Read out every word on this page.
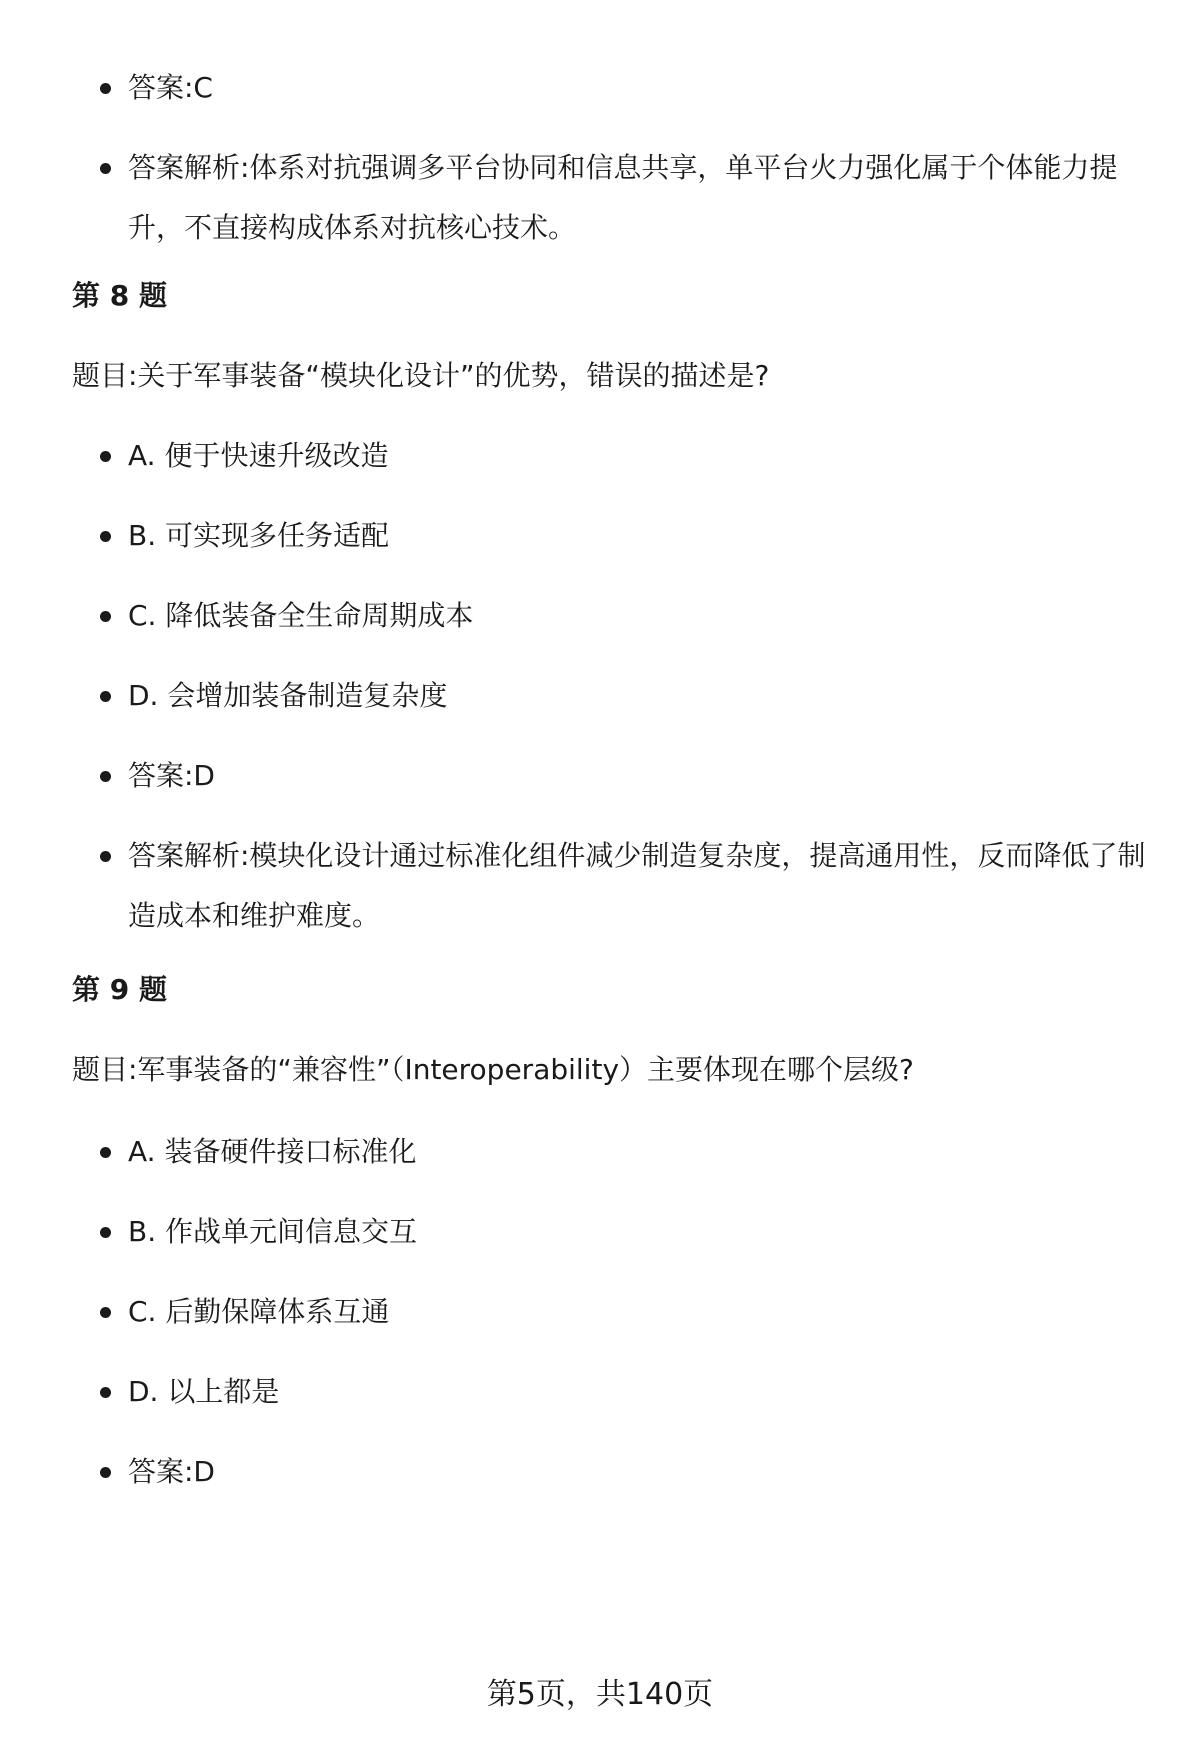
答案:C
答案解析:体系对抗强调多平台协同和信息共享，单平台火力强化属于个体能力提升，不直接构成体系对抗核心技术。
第 8 题
题目:关于军事装备“模块化设计”的优势，错误的描述是?
A. 便于快速升级改造
B. 可实现多任务适配
C. 降低装备全生命周期成本
D. 会增加装备制造复杂度
答案:D
答案解析:模块化设计通过标准化组件减少制造复杂度，提高通用性，反而降低了制造成本和维护难度。
第 9 题
题目:军事装备的“兼容性”（Interoperability）主要体现在哪个层级?
A. 装备硬件接口标准化
B. 作战单元间信息交互
C. 后勤保障体系互通
D. 以上都是
答案:D
第5页，共140页
